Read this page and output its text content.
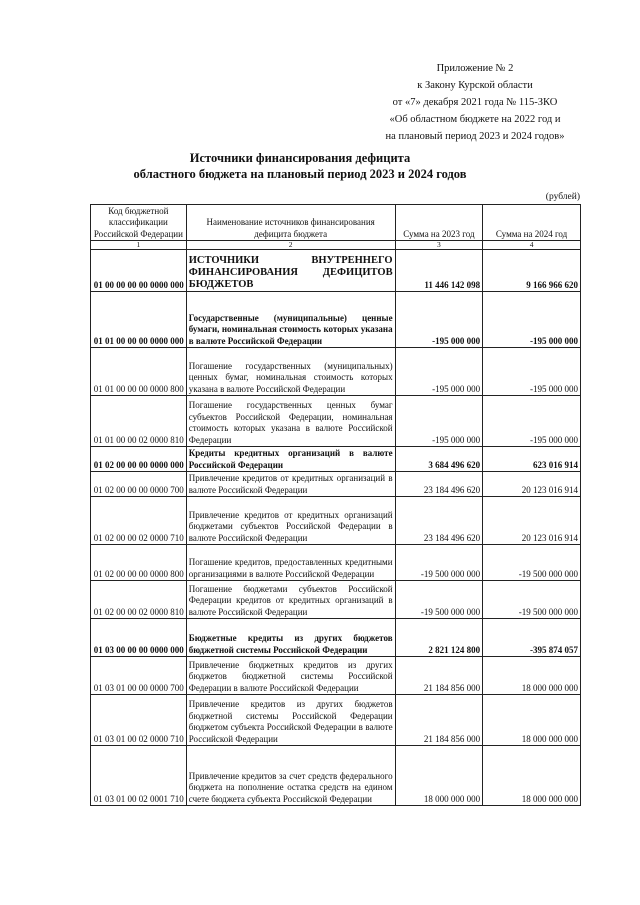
Приложение № 2
к Закону Курской области
от «7» декабря 2021 года № 115-ЗКО
«Об областном бюджете на 2022 год и
на плановый период 2023 и 2024 годов»
Источники финансирования дефицита
областного бюджета на плановый период 2023 и 2024 годов
(рублей)
Код бюджетной классификации Российской Федерации	Наименование источников финансирования дефицита бюджета	Сумма на 2023 год	Сумма на 2024 год
1	2	3	4
01 00 00 00 00 0000 000	ИСТОЧНИКИ ВНУТРЕННЕГО ФИНАНСИРОВАНИЯ ДЕФИЦИТОВ БЮДЖЕТОВ	11 446 142 098	9 166 966 620
01 01 00 00 00 0000 000	Государственные (муниципальные) ценные бумаги, номинальная стоимость которых указана в валюте Российской Федерации	-195 000 000	-195 000 000
01 01 00 00 00 0000 800	Погашение государственных (муниципальных) ценных бумаг, номинальная стоимость которых указана в валюте Российской Федерации	-195 000 000	-195 000 000
01 01 00 00 02 0000 810	Погашение государственных ценных бумаг субъектов Российской Федерации, номинальная стоимость которых указана в валюте Российской Федерации	-195 000 000	-195 000 000
01 02 00 00 00 0000 000	Кредиты кредитных организаций в валюте Российской Федерации	3 684 496 620	623 016 914
01 02 00 00 00 0000 700	Привлечение кредитов от кредитных организаций в валюте Российской Федерации	23 184 496 620	20 123 016 914
01 02 00 00 02 0000 710	Привлечение кредитов от кредитных организаций бюджетами субъектов Российской Федерации в валюте Российской Федерации	23 184 496 620	20 123 016 914
01 02 00 00 00 0000 800	Погашение кредитов, предоставленных кредитными организациями в валюте Российской Федерации	-19 500 000 000	-19 500 000 000
01 02 00 00 02 0000 810	Погашение бюджетами субъектов Российской Федерации кредитов от кредитных организаций в валюте Российской Федерации	-19 500 000 000	-19 500 000 000
01 03 00 00 00 0000 000	Бюджетные кредиты из других бюджетов бюджетной системы Российской Федерации	2 821 124 800	-395 874 057
01 03 01 00 00 0000 700	Привлечение бюджетных кредитов из других бюджетов бюджетной системы Российской Федерации в валюте Российской Федерации	21 184 856 000	18 000 000 000
01 03 01 00 02 0000 710	Привлечение кредитов из других бюджетов бюджетной системы Российской Федерации бюджетом субъекта Российской Федерации в валюте Российской Федерации	21 184 856 000	18 000 000 000
01 03 01 00 02 0001 710	Привлечение кредитов за счет средств федерального бюджета на пополнение остатка средств на едином счете бюджета субъекта Российской Федерации	18 000 000 000	18 000 000 000
